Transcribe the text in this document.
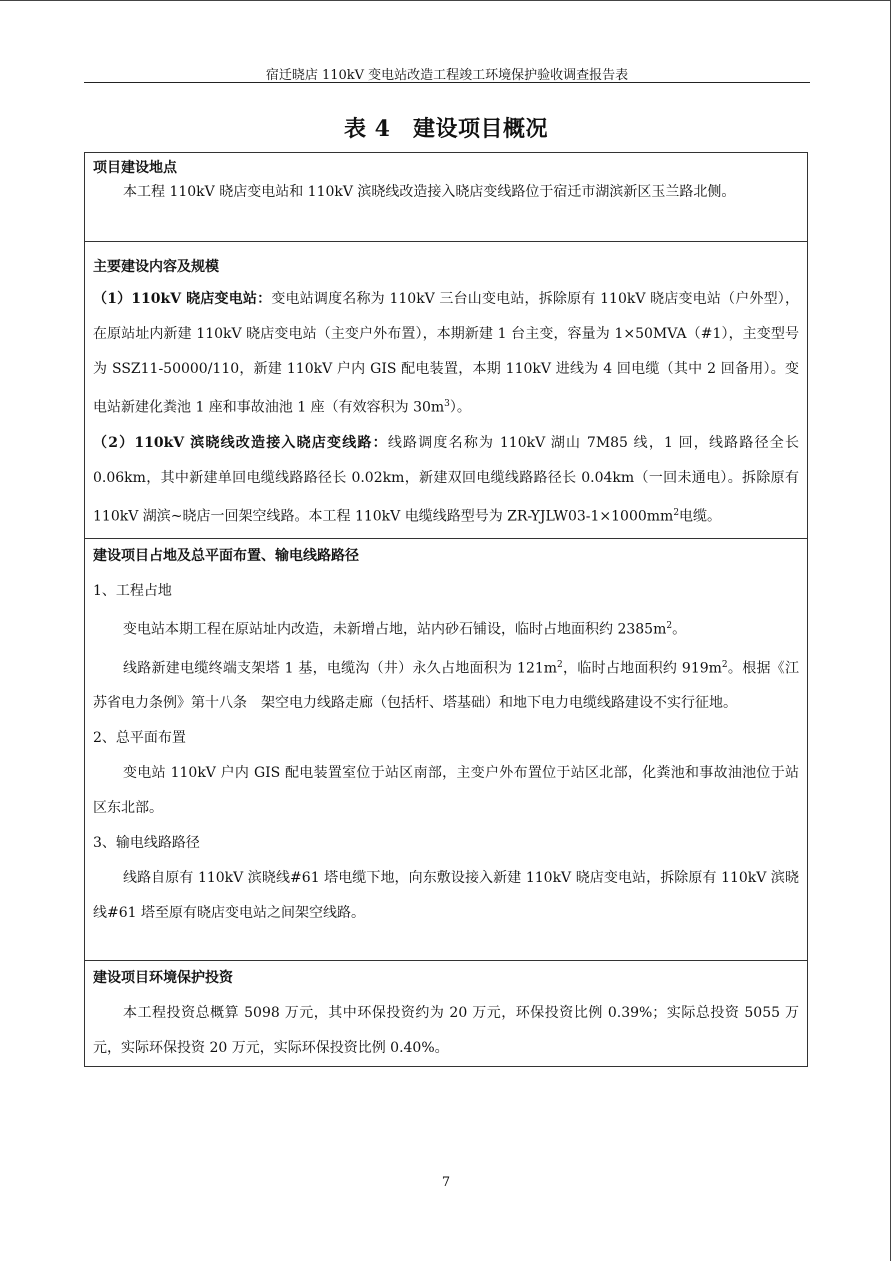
宿迁晓店 110kV 变电站改造工程竣工环境保护验收调查报告表
表 4　建设项目概况
项目建设地点
本工程 110kV 晓店变电站和 110kV 滨晓线改造接入晓店变线路位于宿迁市湖滨新区玉兰路北侧。
主要建设内容及规模
（1）110kV 晓店变电站：变电站调度名称为 110kV 三台山变电站，拆除原有 110kV 晓店变电站（户外型），在原站址内新建 110kV 晓店变电站（主变户外布置），本期新建 1 台主变，容量为 1×50MVA（#1），主变型号为 SSZ11-50000/110，新建 110kV 户内 GIS 配电装置，本期 110kV 进线为 4 回电缆（其中 2 回备用）。变电站新建化粪池 1 座和事故油池 1 座（有效容积为 $30m^3$）。
（2）110kV 滨晓线改造接入晓店变线路：线路调度名称为 110kV 湖山 7M85 线，1 回，线路路径全长 0.06km，其中新建单回电缆线路路径长 0.02km，新建双回电缆线路路径长 0.04km（一回未通电）。拆除原有 110kV 湖滨~晓店一回架空线路。本工程 110kV 电缆线路型号为 $ZR-YJLW03-1\times 1000mm^2$电缆。
建设项目占地及总平面布置、输电线路路径
1、工程占地
变电站本期工程在原站址内改造，未新增占地，站内砂石铺设，临时占地面积约 $2385m^2$。
线路新建电缆终端支架塔 1 基，电缆沟（井）永久占地面积为 $121m^2$，临时占地面积约 $919m^2$。根据《江苏省电力条例》第十八条　架空电力线路走廊（包括杆、塔基础）和地下电力电缆线路建设不实行征地。
2、总平面布置
变电站 110kV 户内 GIS 配电装置室位于站区南部，主变户外布置位于站区北部，化粪池和事故油池位于站区东北部。
3、输电线路路径
线路自原有 110kV 滨晓线#61 塔电缆下地，向东敷设接入新建 110kV 晓店变电站，拆除原有 110kV 滨晓线#61 塔至原有晓店变电站之间架空线路。
建设项目环境保护投资
本工程投资总概算 5098 万元，其中环保投资约为 20 万元，环保投资比例 0.39%；实际总投资 5055 万元，实际环保投资 20 万元，实际环保投资比例 0.40%。
7
